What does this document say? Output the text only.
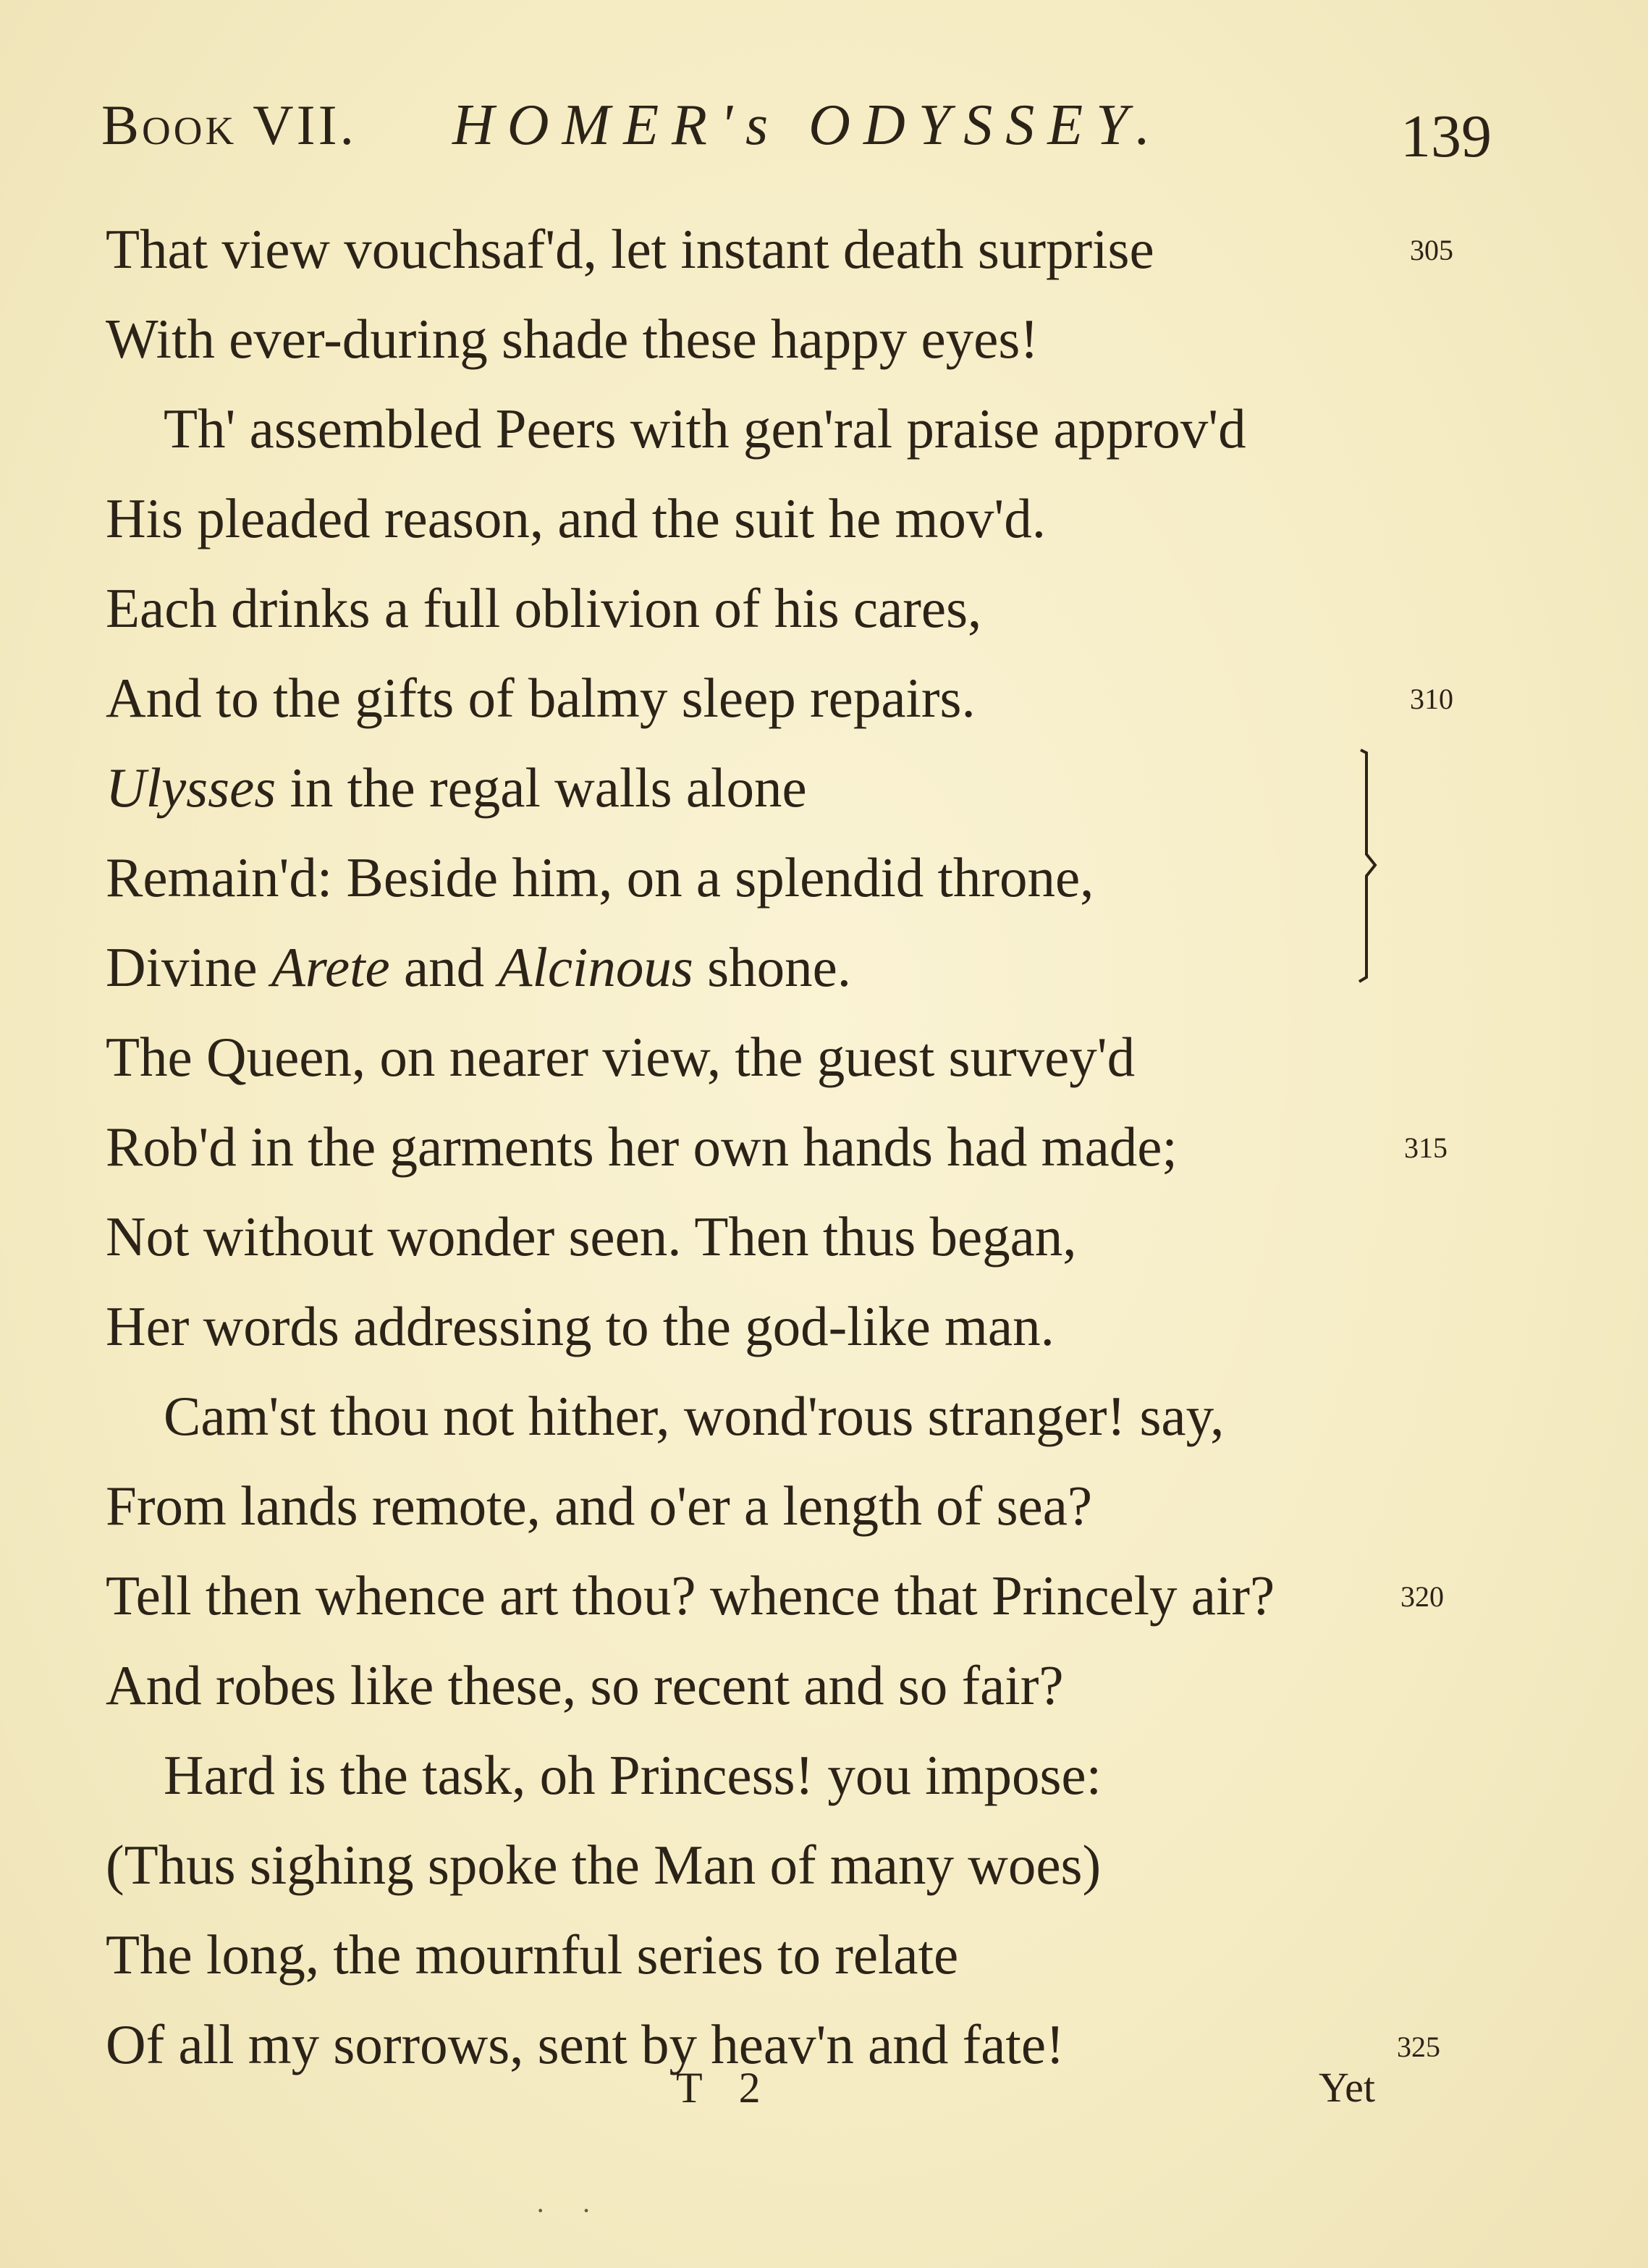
Book VII. HOMER's ODYSSEY.	139
That view vouchsaf'd, let instant death surprise	305
With ever-during shade these happy eyes!
Th' assembled Peers with gen'ral praise approv'd
His pleaded reason, and the suit he mov'd.
Each drinks a full oblivion of his cares,
And to the gifts of balmy sleep repairs.	310
Ulysses in the regal walls alone
Remain'd: Beside him, on a splendid throne,
Divine Arete and Alcinous shone.
The Queen, on nearer view, the guest survey'd
Rob'd in the garments her own hands had made;	315
Not without wonder seen. Then thus began,
Her words addressing to the god-like man.
Cam'st thou not hither, wond'rous stranger! say,
From lands remote, and o'er a length of sea?
Tell then whence art thou? whence that Princely air?	320
And robes like these, so recent and so fair?
Hard is the task, oh Princess! you impose:
(Thus sighing spoke the Man of many woes)
The long, the mournful series to relate
Of all my sorrows, sent by heav'n and fate!	325
T 2	Yet
· ·
